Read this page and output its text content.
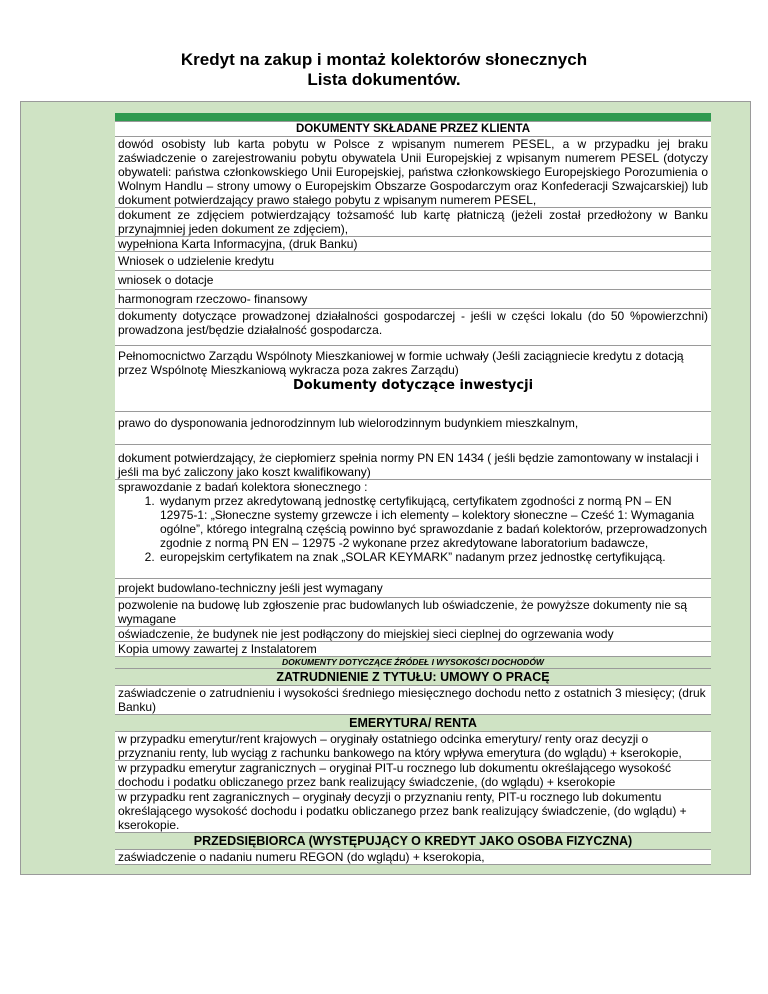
Kredyt na zakup i montaż kolektorów słonecznych
Lista dokumentów.
DOKUMENTY SKŁADANE PRZEZ KLIENTA
dowód osobisty lub karta pobytu w Polsce z wpisanym numerem PESEL, a w przypadku jej braku zaświadczenie o zarejestrowaniu pobytu obywatela Unii Europejskiej z wpisanym numerem PESEL (dotyczy obywateli: państwa członkowskiego Unii Europejskiej, państwa członkowskiego Europejskiego Porozumienia o Wolnym Handlu – strony umowy o Europejskim Obszarze Gospodarczym oraz Konfederacji Szwajcarskiej) lub dokument potwierdzający prawo stałego pobytu z wpisanym numerem PESEL,
dokument ze zdjęciem potwierdzający tożsamość lub kartę płatniczą (jeżeli został przedłożony w Banku przynajmniej jeden dokument ze zdjęciem),
wypełniona Karta Informacyjna, (druk Banku)
Wniosek o udzielenie kredytu
wniosek o dotacje
harmonogram rzeczowo- finansowy
dokumenty dotyczące prowadzonej działalności gospodarczej - jeśli w części lokalu (do 50 %powierzchni) prowadzona jest/będzie działalność gospodarcza.
Pełnomocnictwo Zarządu Wspólnoty Mieszkaniowej w formie uchwały (Jeśli zaciągniecie kredytu z dotacją przez Wspólnotę Mieszkaniową wykracza poza zakres Zarządu)
Dokumenty dotyczące inwestycji
prawo do dysponowania jednorodzinnym lub wielorodzinnym budynkiem mieszkalnym,
dokument potwierdzający, że ciepłomierz spełnia normy PN EN 1434 ( jeśli będzie zamontowany w instalacji i jeśli ma być zaliczony jako koszt kwalifikowany)
sprawozdanie z badań kolektora słonecznego :
1. wydanym przez akredytowaną jednostkę certyfikującą, certyfikatem zgodności z normą PN – EN 12975-1: „Słoneczne systemy grzewcze i ich elementy – kolektory słoneczne – Cześć 1: Wymagania ogólne”, którego integralną częścią powinno być sprawozdanie z badań kolektorów, przeprowadzonych zgodnie z normą PN EN – 12975 -2 wykonane przez akredytowane laboratorium badawcze,
2. europejskim certyfikatem na znak „SOLAR KEYMARK” nadanym przez jednostkę certyfikującą.
projekt budowlano-techniczny jeśli jest wymagany
pozwolenie na budowę lub zgłoszenie prac budowlanych lub oświadczenie, że powyższe dokumenty nie są wymagane
oświadczenie, że budynek nie jest podłączony do miejskiej sieci cieplnej do ogrzewania wody
Kopia umowy zawartej z Instalatorem
DOKUMENTY DOTYCZĄCE ŹRÓDEŁ I WYSOKOŚCI DOCHODÓW
ZATRUDNIENIE Z TYTUŁU: UMOWY O PRACĘ
zaświadczenie o zatrudnieniu i wysokości średniego miesięcznego dochodu netto z ostatnich 3 miesięcy; (druk Banku)
EMERYTURA/ RENTA
w przypadku emerytur/rent krajowych – oryginały ostatniego odcinka emerytury/ renty oraz decyzji o przyznaniu renty, lub wyciąg z rachunku bankowego na który wpływa emerytura (do wglądu) + kserokopie,
w przypadku emerytur zagranicznych – oryginał PIT-u rocznego lub dokumentu określającego wysokość dochodu i podatku obliczanego przez bank realizujący świadczenie, (do wglądu) + kserokopie
w przypadku rent zagranicznych – oryginały decyzji o przyznaniu renty, PIT-u rocznego lub dokumentu określającego wysokość dochodu i podatku obliczanego przez bank realizujący świadczenie, (do wglądu) + kserokopie.
PRZEDSIĘBIORCA (WYSTĘPUJĄCY O KREDYT JAKO OSOBA FIZYCZNA)
zaświadczenie o nadaniu numeru REGON (do wglądu) + kserokopia,
